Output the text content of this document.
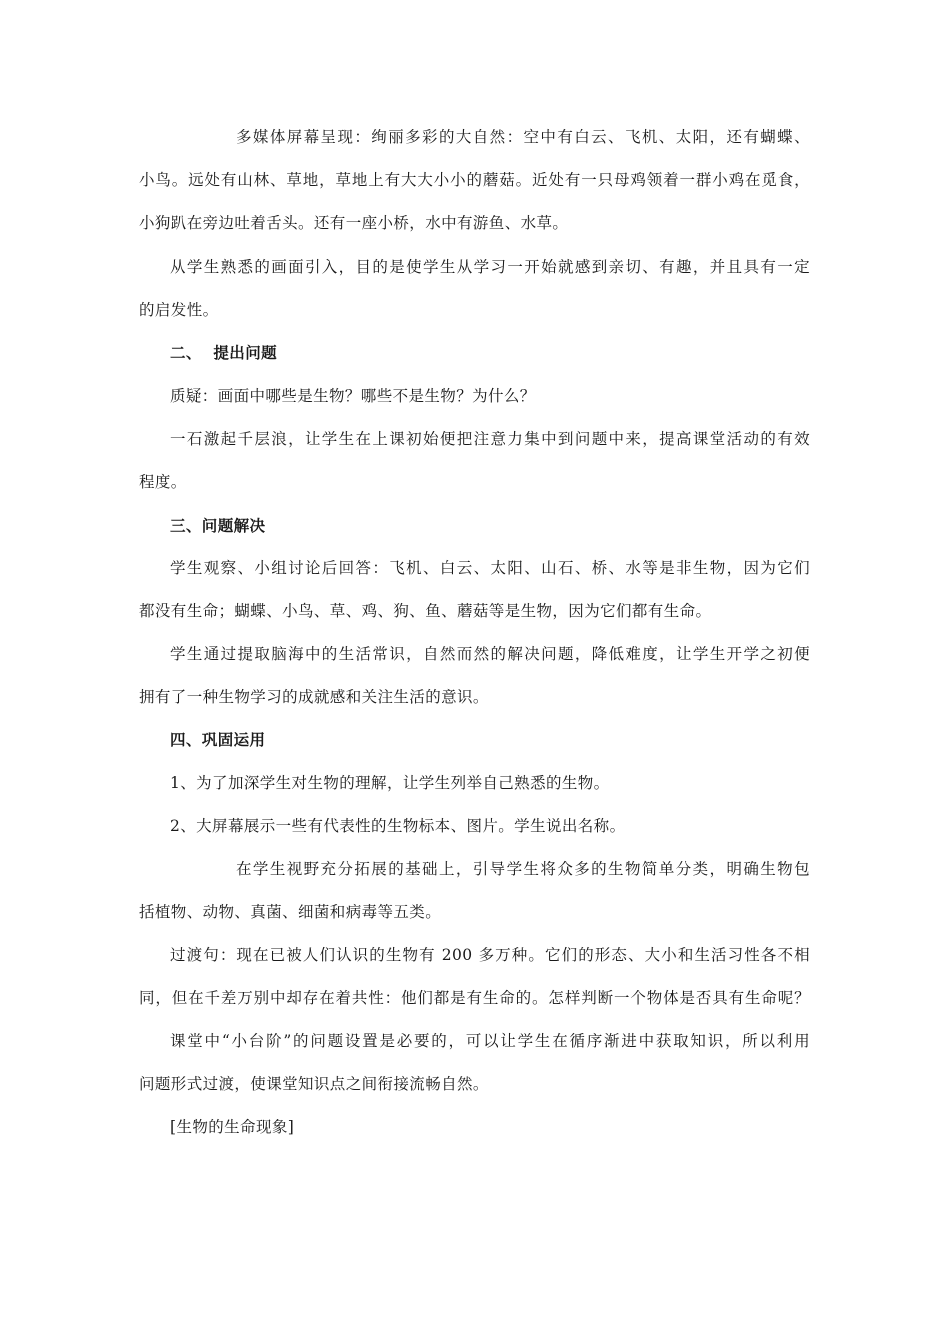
多媒体屏幕呈现：绚丽多彩的大自然：空中有白云、飞机、太阳，还有蝴蝶、
小鸟。远处有山林、草地，草地上有大大小小的蘑菇。近处有一只母鸡领着一群小鸡在觅食，
小狗趴在旁边吐着舌头。还有一座小桥，水中有游鱼、水草。
从学生熟悉的画面引入，目的是使学生从学习一开始就感到亲切、有趣，并且具有一定
的启发性。
二、  提出问题
质疑：画面中哪些是生物？哪些不是生物？为什么？
一石激起千层浪，让学生在上课初始便把注意力集中到问题中来，提高课堂活动的有效
程度。
三、问题解决
学生观察、小组讨论后回答：飞机、白云、太阳、山石、桥、水等是非生物，因为它们
都没有生命；蝴蝶、小鸟、草、鸡、狗、鱼、蘑菇等是生物，因为它们都有生命。
学生通过提取脑海中的生活常识，自然而然的解决问题，降低难度，让学生开学之初便
拥有了一种生物学习的成就感和关注生活的意识。
四、巩固运用
1、为了加深学生对生物的理解，让学生列举自己熟悉的生物。
2、大屏幕展示一些有代表性的生物标本、图片。学生说出名称。
在学生视野充分拓展的基础上，引导学生将众多的生物简单分类，明确生物包
括植物、动物、真菌、细菌和病毒等五类。
过渡句：现在已被人们认识的生物有 200 多万种。它们的形态、大小和生活习性各不相
同，但在千差万别中却存在着共性：他们都是有生命的。怎样判断一个物体是否具有生命呢？
课堂中“小台阶”的问题设置是必要的，可以让学生在循序渐进中获取知识，所以利用
问题形式过渡，使课堂知识点之间衔接流畅自然。
[生物的生命现象]
